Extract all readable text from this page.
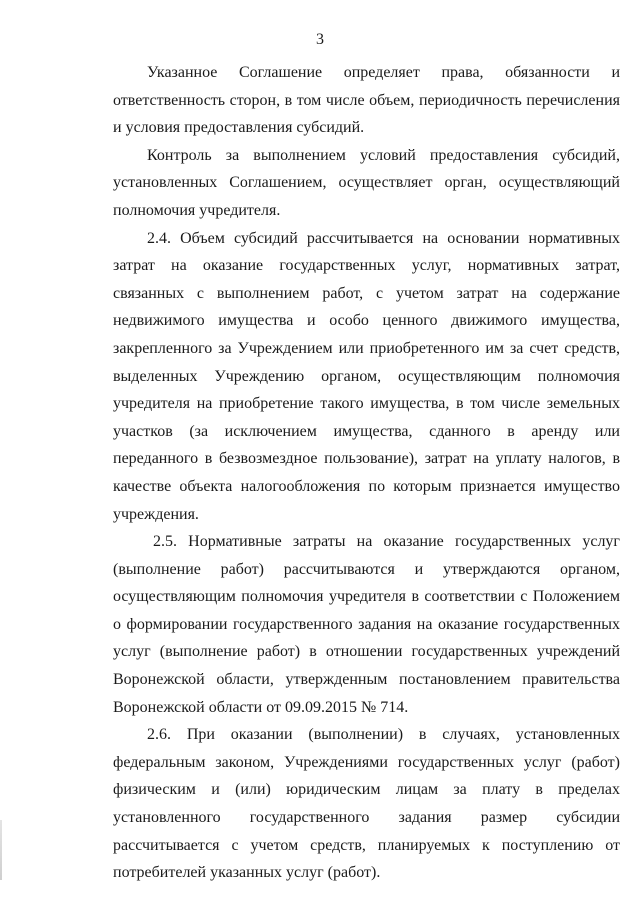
3

Указанное Соглашение определяет права, обязанности и ответственность сторон, в том числе объем, периодичность перечисления и условия предоставления субсидий.

Контроль за выполнением условий предоставления субсидий, установленных Соглашением, осуществляет орган, осуществляющий полномочия учредителя.

2.4. Объем субсидий рассчитывается на основании нормативных затрат на оказание государственных услуг, нормативных затрат, связанных с выполнением работ, с учетом затрат на содержание недвижимого имущества и особо ценного движимого имущества, закрепленного за Учреждением или приобретенного им за счет средств, выделенных Учреждению органом, осуществляющим полномочия учредителя на приобретение такого имущества, в том числе земельных участков (за исключением имущества, сданного в аренду или переданного в безвозмездное пользование), затрат на уплату налогов, в качестве объекта налогообложения по которым признается имущество учреждения.

2.5. Нормативные затраты на оказание государственных услуг (выполнение работ) рассчитываются и утверждаются органом, осуществляющим полномочия учредителя в соответствии с Положением о формировании государственного задания на оказание государственных услуг (выполнение работ) в отношении государственных учреждений Воронежской области, утвержденным постановлением правительства Воронежской области от 09.09.2015 № 714.

2.6. При оказании (выполнении) в случаях, установленных федеральным законом, Учреждениями государственных услуг (работ) физическим и (или) юридическим лицам за плату в пределах установленного государственного задания размер субсидии рассчитывается с учетом средств, планируемых к поступлению от потребителей указанных услуг (работ).
